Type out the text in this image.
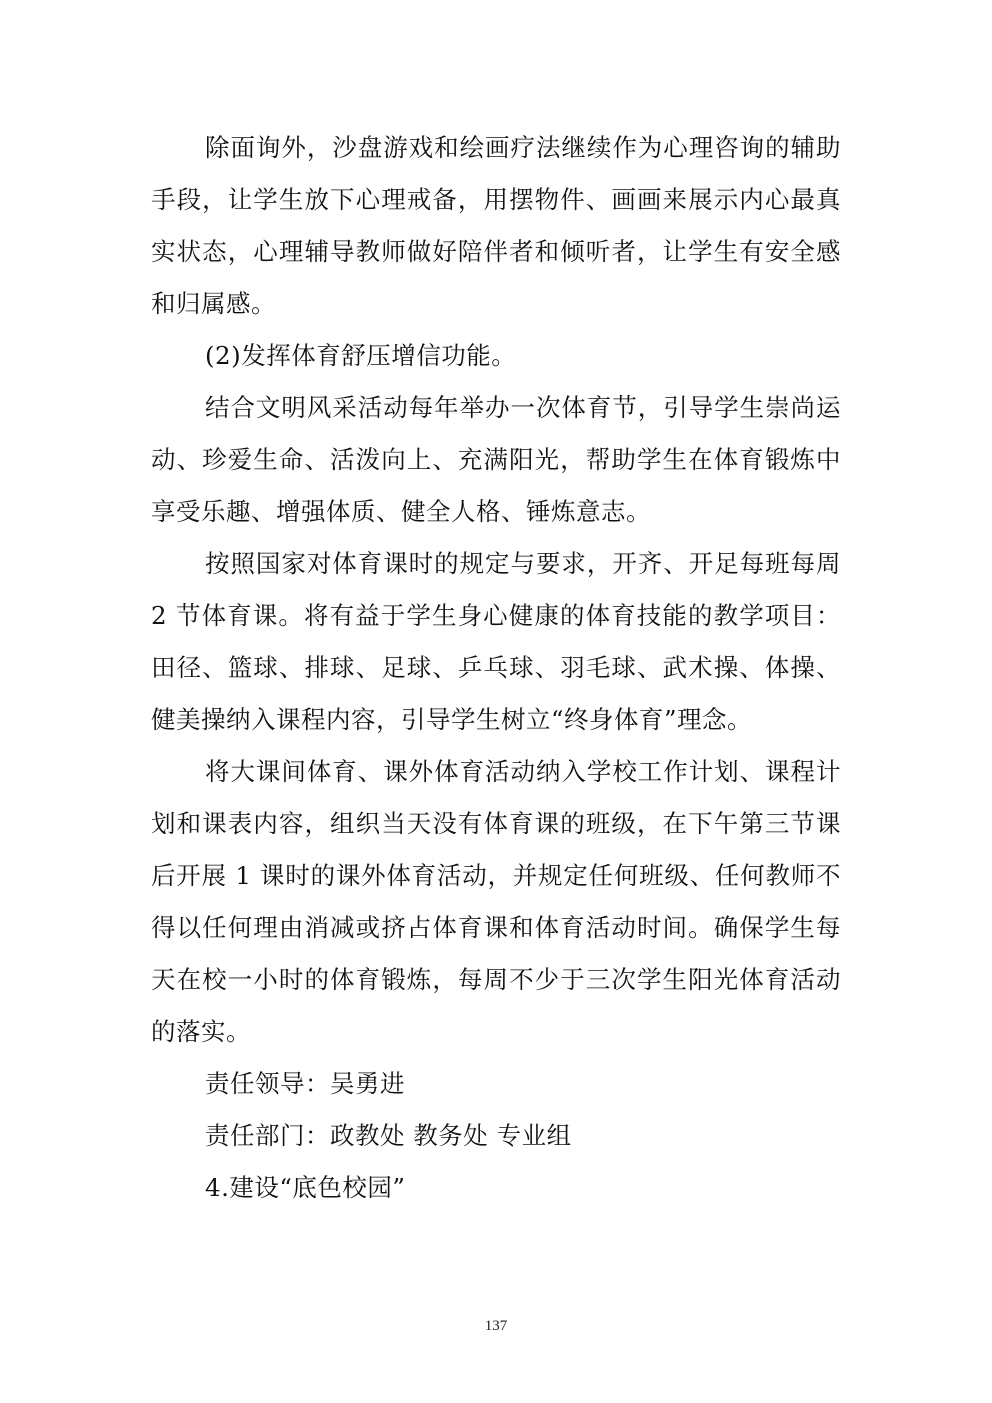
除面询外，沙盘游戏和绘画疗法继续作为心理咨询的辅助手段，让学生放下心理戒备，用摆物件、画画来展示内心最真实状态，心理辅导教师做好陪伴者和倾听者，让学生有安全感和归属感。

(2)发挥体育舒压增信功能。

结合文明风采活动每年举办一次体育节，引导学生崇尚运动、珍爱生命、活泼向上、充满阳光，帮助学生在体育锻炼中享受乐趣、增强体质、健全人格、锤炼意志。

按照国家对体育课时的规定与要求，开齐、开足每班每周 2 节体育课。将有益于学生身心健康的体育技能的教学项目：田径、篮球、排球、足球、乒乓球、羽毛球、武术操、体操、健美操纳入课程内容，引导学生树立“终身体育”理念。

将大课间体育、课外体育活动纳入学校工作计划、课程计划和课表内容，组织当天没有体育课的班级，在下午第三节课后开展 1 课时的课外体育活动，并规定任何班级、任何教师不得以任何理由消减或挤占体育课和体育活动时间。确保学生每天在校一小时的体育锻炼，每周不少于三次学生阳光体育活动的落实。

责任领导：吴勇进

责任部门：政教处 教务处 专业组

4.建设“底色校园”

137
